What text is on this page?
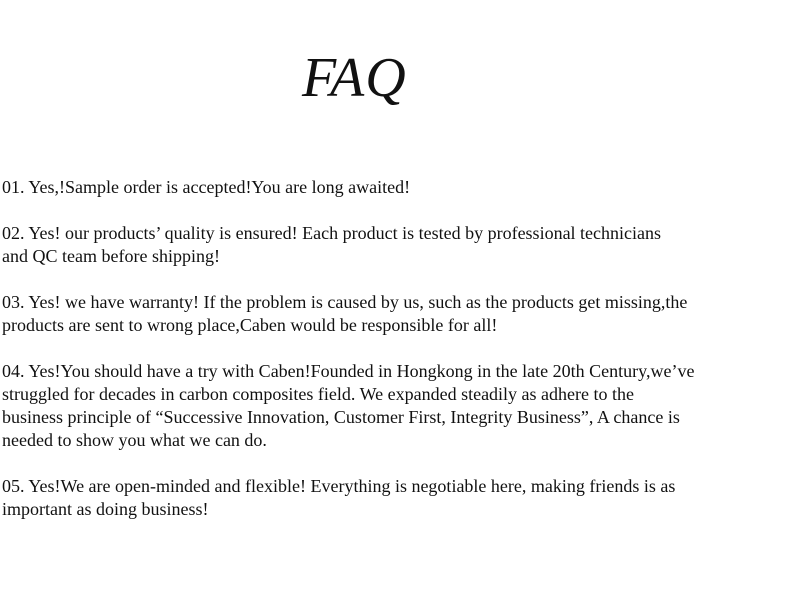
FAQ

01. Yes,!Sample order is accepted!You are long awaited!

02. Yes! our products’ quality is ensured! Each product is tested by professional technicians
and QC team before shipping!

03. Yes! we have warranty! If the problem is caused by us, such as the products get missing,the
products are sent to wrong place,Caben would be responsible for all!

04. Yes!You should have a try with Caben!Founded in Hongkong in the late 20th Century,we’ve
struggled for decades in carbon composites field. We expanded steadily as adhere to the
business principle of “Successive Innovation, Customer First, Integrity Business”, A chance is
needed to show you what we can do.

05. Yes!We are open-minded and flexible! Everything is negotiable here, making friends is as
important as doing business!
